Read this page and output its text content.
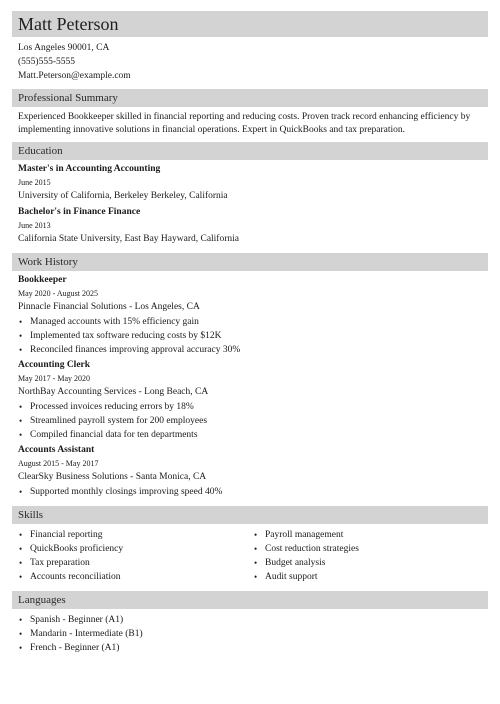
Matt Peterson
Los Angeles 90001, CA
(555)555-5555
Matt.Peterson@example.com
Professional Summary
Experienced Bookkeeper skilled in financial reporting and reducing costs. Proven track record enhancing efficiency by implementing innovative solutions in financial operations. Expert in QuickBooks and tax preparation.
Education
Master's in Accounting Accounting
June 2015
University of California, Berkeley Berkeley, California
Bachelor's in Finance Finance
June 2013
California State University, East Bay Hayward, California
Work History
Bookkeeper
May 2020 - August 2025
Pinnacle Financial Solutions - Los Angeles, CA
• Managed accounts with 15% efficiency gain
• Implemented tax software reducing costs by $12K
• Reconciled finances improving approval accuracy 30%
Accounting Clerk
May 2017 - May 2020
NorthBay Accounting Services - Long Beach, CA
• Processed invoices reducing errors by 18%
• Streamlined payroll system for 200 employees
• Compiled financial data for ten departments
Accounts Assistant
August 2015 - May 2017
ClearSky Business Solutions - Santa Monica, CA
• Supported monthly closings improving speed 40%
Skills
• Financial reporting
• QuickBooks proficiency
• Tax preparation
• Accounts reconciliation
• Payroll management
• Cost reduction strategies
• Budget analysis
• Audit support
Languages
• Spanish - Beginner (A1)
• Mandarin - Intermediate (B1)
• French - Beginner (A1)
